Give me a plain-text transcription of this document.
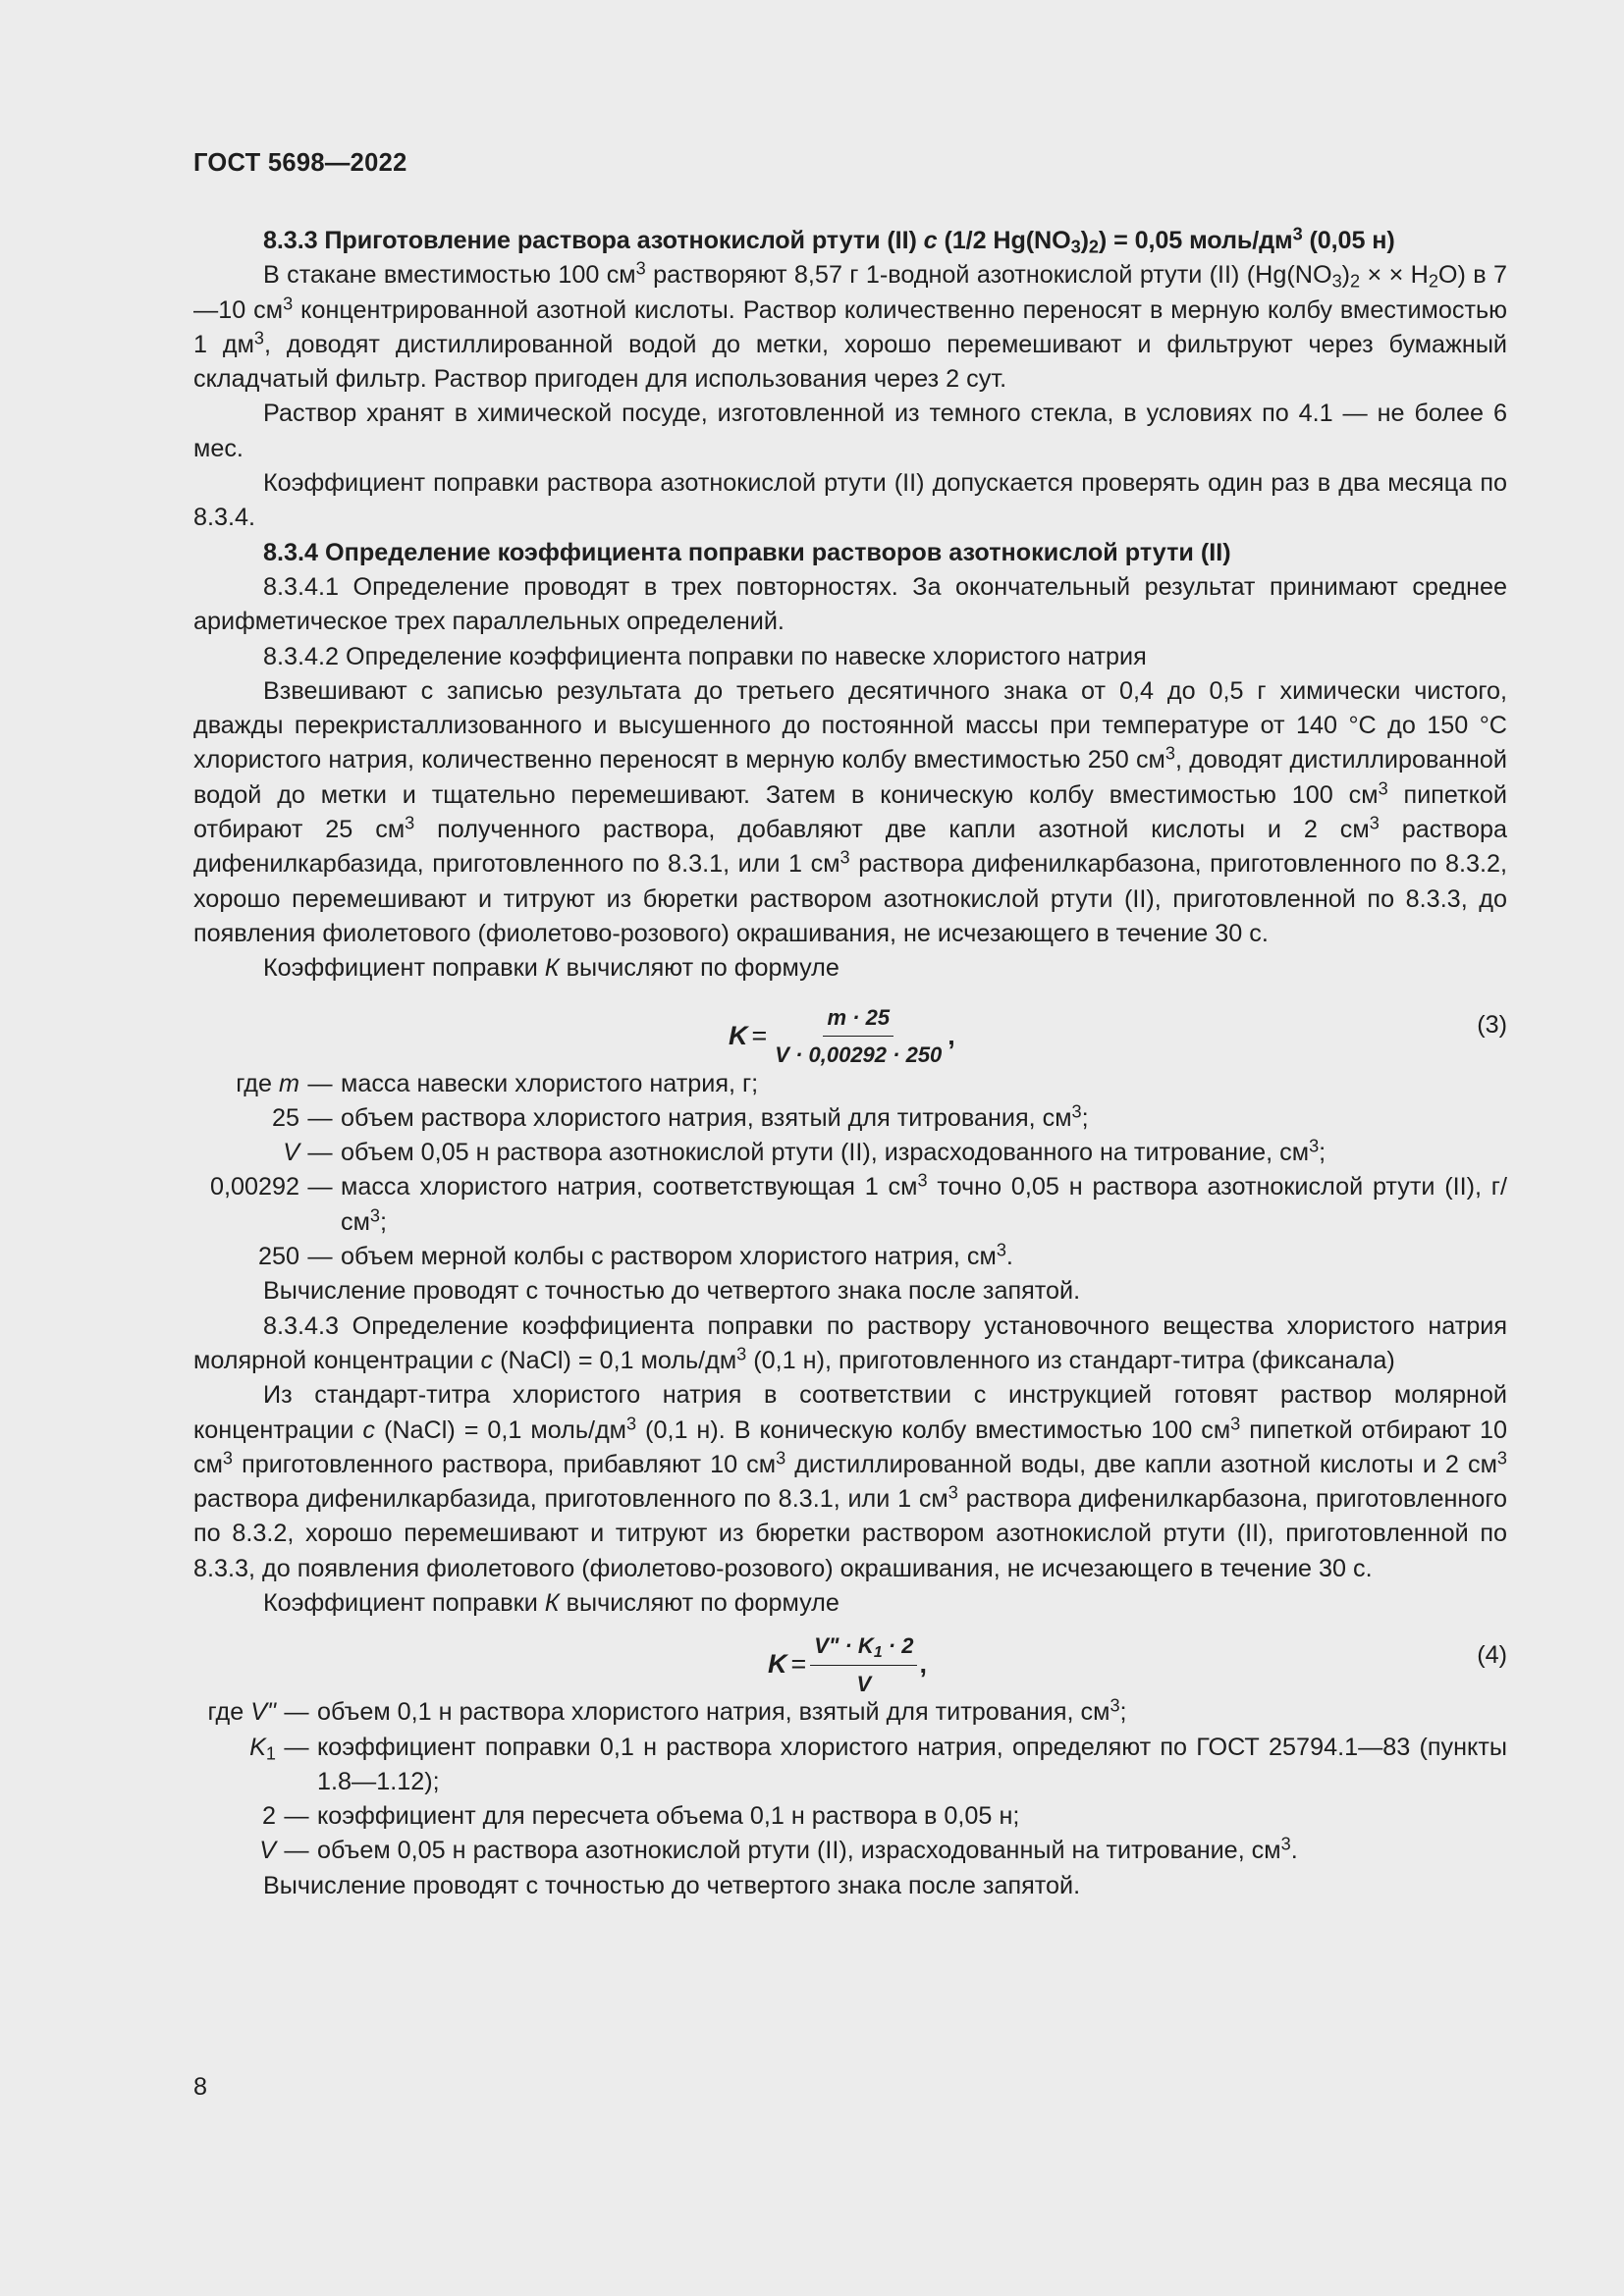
ГОСТ 5698—2022

8.3.3 Приготовление раствора азотнокислой ртути (II) c (1/2 $Hg(NO_3)_2) = 0,05$ моль/$дм^3$ (0,05 н)

В стакане вместимостью 100 $см^3$ растворяют 8,57 г 1-водной азотнокислой ртути (II) ($Hg(NO_3)_2$ × × $H_2O$) в 7—10 $см^3$ концентрированной азотной кислоты. Раствор количественно переносят в мерную колбу вместимостью 1 $дм^3$, доводят дистиллированной водой до метки, хорошо перемешивают и фильтруют через бумажный складчатый фильтр. Раствор пригоден для использования через 2 сут.

Раствор хранят в химической посуде, изготовленной из темного стекла, в условиях по 4.1 — не более 6 мес.

Коэффициент поправки раствора азотнокислой ртути (II) допускается проверять один раз в два месяца по 8.3.4.

8.3.4 Определение коэффициента поправки растворов азотнокислой ртути (II)

8.3.4.1 Определение проводят в трех повторностях. За окончательный результат принимают среднее арифметическое трех параллельных определений.

8.3.4.2 Определение коэффициента поправки по навеске хлористого натрия

Взвешивают с записью результата до третьего десятичного знака от 0,4 до 0,5 г химически чистого, дважды перекристаллизованного и высушенного до постоянной массы при температуре от 140 °C до 150 °C хлористого натрия, количественно переносят в мерную колбу вместимостью 250 $см^3$, доводят дистиллированной водой до метки и тщательно перемешивают. Затем в коническую колбу вместимостью 100 $см^3$ пипеткой отбирают 25 $см^3$ полученного раствора, добавляют две капли азотной кислоты и 2 $см^3$ раствора дифенилкарбазида, приготовленного по 8.3.1, или 1 $см^3$ раствора дифенилкарбазона, приготовленного по 8.3.2, хорошо перемешивают и титруют из бюретки раствором азотнокислой ртути (II), приготовленной по 8.3.3, до появления фиолетового (фиолетово-розового) окрашивания, не исчезающего в течение 30 с.

Коэффициент поправки К вычисляют по формуле

$K = \frac{m \cdot 25}{V \cdot 0,00292 \cdot 250}$ ,	(3)
где m	—	масса навески хлористого натрия, г;
25	—	объем раствора хлористого натрия, взятый для титрования, $см^3$;
V	—	объем 0,05 н раствора азотнокислой ртути (II), израсходованного на титрование, $см^3$;
0,00292	—	масса хлористого натрия, соответствующая 1 $см^3$ точно 0,05 н раствора азотнокислой ртути (II), $г/см^3$;
250	—	объем мерной колбы с раствором хлористого натрия, $см^3$.

Вычисление проводят с точностью до четвертого знака после запятой.

8.3.4.3 Определение коэффициента поправки по раствору установочного вещества хлористого натрия молярной концентрации c (NaCl) = 0,1 моль/$дм^3$ (0,1 н), приготовленного из стандарт-титра (фиксанала)

Из стандарт-титра хлористого натрия в соответствии с инструкцией готовят раствор молярной концентрации c (NaCl) = 0,1 моль/$дм^3$ (0,1 н). В коническую колбу вместимостью 100 $см^3$ пипеткой отбирают 10 $см^3$ приготовленного раствора, прибавляют 10 $см^3$ дистиллированной воды, две капли азотной кислоты и 2 $см^3$ раствора дифенилкарбазида, приготовленного по 8.3.1, или 1 $см^3$ раствора дифенилкарбазона, приготовленного по 8.3.2, хорошо перемешивают и титруют из бюретки раствором азотнокислой ртути (II), приготовленной по 8.3.3, до появления фиолетового (фиолетово-розового) окрашивания, не исчезающего в течение 30 с.

Коэффициент поправки К вычисляют по формуле

$K = \frac{V" \cdot K_1 \cdot 2}{V}$ ,	(4)
где V"	—	объем 0,1 н раствора хлористого натрия, взятый для титрования, $см^3$;
$K_1$	—	коэффициент поправки 0,1 н раствора хлористого натрия, определяют по ГОСТ 25794.1—83 (пункты 1.8—1.12);
2	—	коэффициент для пересчета объема 0,1 н раствора в 0,05 н;
V	—	объем 0,05 н раствора азотнокислой ртути (II), израсходованный на титрование, $см^3$.

Вычисление проводят с точностью до четвертого знака после запятой.

8
